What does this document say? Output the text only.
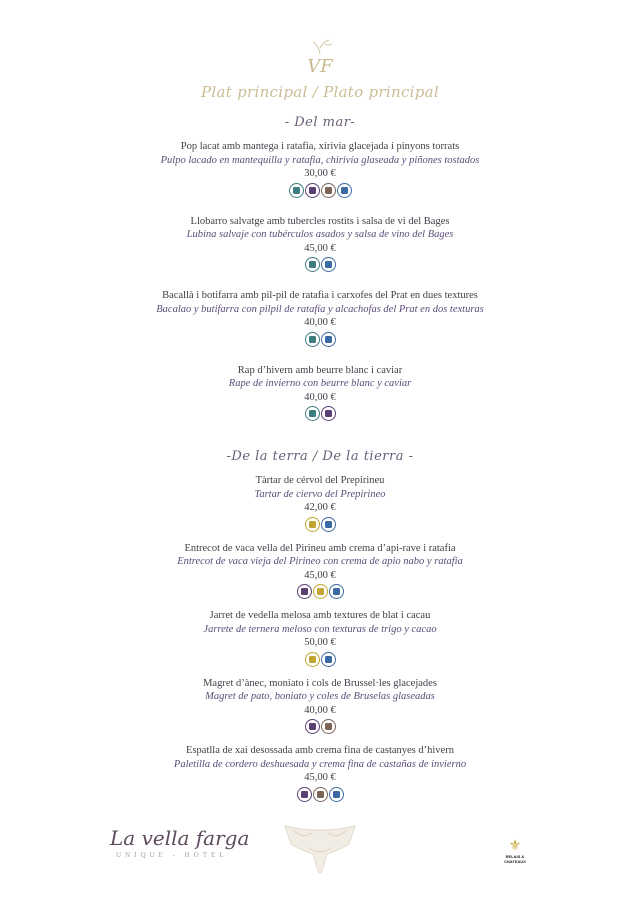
VF
Plat principal / Plato principal
- Del mar-
Pop lacat amb mantega i ratafia, xirivia glacejada i pinyons torrats
Pulpo lacado en mantequilla y ratafia, chirivía glaseada y piñones tostados
30,00 €
Llobarro salvatge amb tubercles rostits i salsa de vi del Bages
Lubina salvaje con tubérculos asados y salsa de vino del Bages
45,00 €
Bacallà i botifarra amb pil-pil de ratafia i carxofes del Prat en dues textures
Bacalao y butifarra con pilpil de ratafía y alcachofas del Prat en dos texturas
40,00 €
Rap d’hivern amb beurre blanc i caviar
Rape de invierno con beurre blanc y caviar
40,00 €
-De la terra / De la tierra -
Tàrtar de cérvol del Prepirineu
Tartar de ciervo del Prepirineo
42,00 €
Entrecot de vaca vella del Pirineu amb crema d’api-rave i ratafia
Entrecot de vaca vieja del Pirineo con crema de apio nabo y ratafia
45,00 €
Jarret de vedella melosa amb textures de blat i cacau
Jarrete de ternera meloso con texturas de trigo y cacao
50,00 €
Magret d’ànec, moniato i cols de Brussel·les glacejades
Magret de pato, boniato y coles de Bruselas glaseadas
40,00 €
Espatlla de xai desossada amb crema fina de castanyes d’hivern
Paletilla de cordero deshuesada y crema fina de castañas de invierno
45,00 €
La vella farga
UNIQUE - HOTEL
⚜
RELAIS & CHATEAUX
